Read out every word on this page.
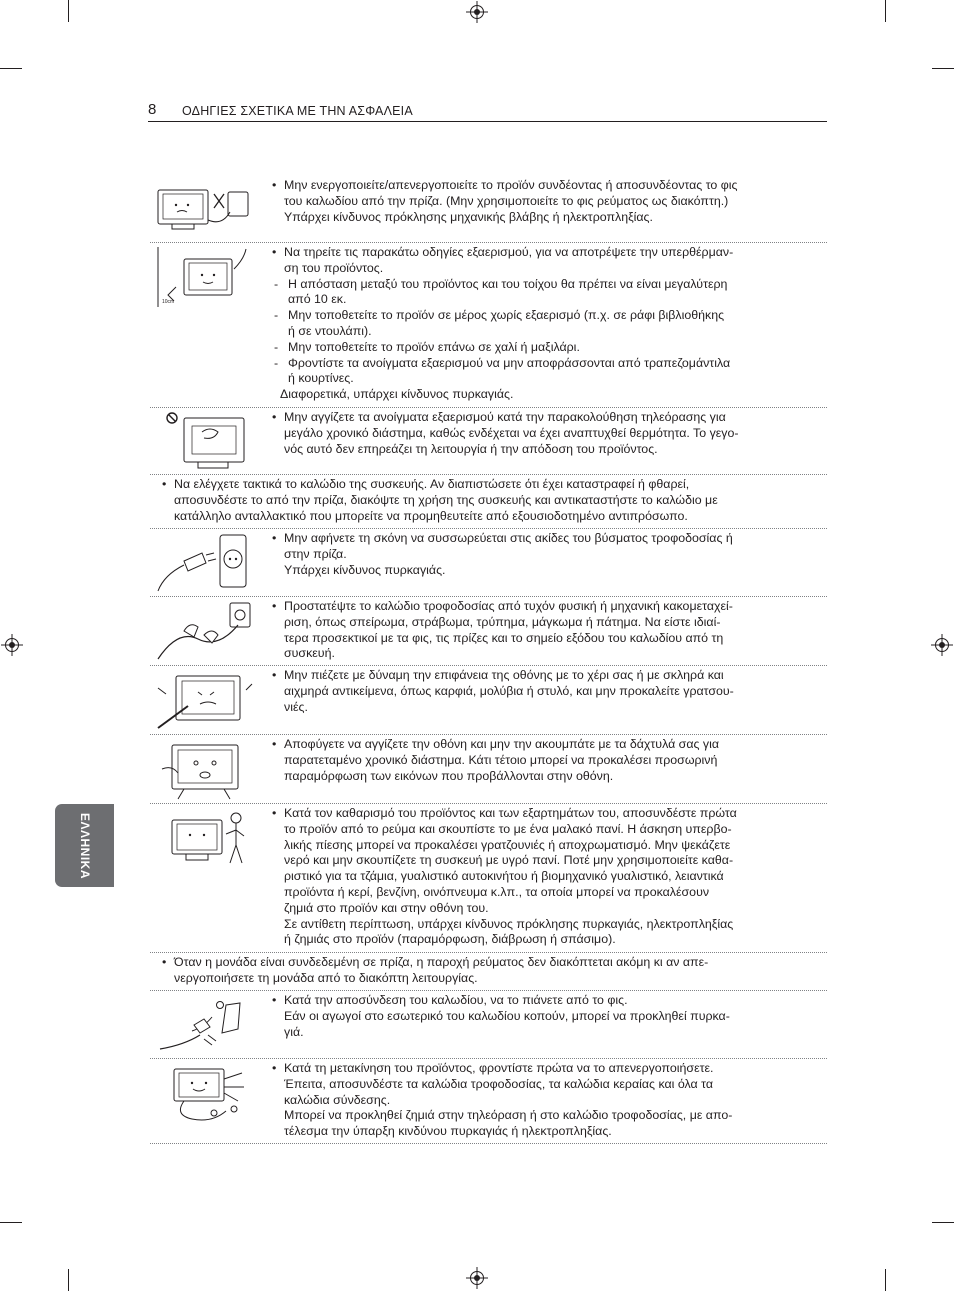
8 ΟΔΗΓΙΕΣ ΣΧΕΤΙΚΑ ΜΕ ΤΗΝ ΑΣΦΑΛΕΙΑ
ΕΛΛΗΝΙΚΑ
• Μην ενεργοποιείτε/απενεργοποιείτε το προϊόν συνδέοντας ή αποσυνδέοντας το φις
του καλωδίου από την πρίζα. (Μην χρησιμοποιείτε το φις ρεύματος ως διακόπτη.)
Υπάρχει κίνδυνος πρόκλησης μηχανικής βλάβης ή ηλεκτροπληξίας.
10cm
• Να τηρείτε τις παρακάτω οδηγίες εξαερισμού, για να αποτρέψετε την υπερθέρμαν-
ση του προϊόντος.
- Η απόσταση μεταξύ του προϊόντος και του τοίχου θα πρέπει να είναι μεγαλύτερη
από 10 εκ.
- Μην τοποθετείτε το προϊόν σε μέρος χωρίς εξαερισμό (π.χ. σε ράφι βιβλιοθήκης
ή σε ντουλάπι).
- Μην τοποθετείτε το προϊόν επάνω σε χαλί ή μαξιλάρι.
- Φροντίστε τα ανοίγματα εξαερισμού να μην αποφράσσονται από τραπεζομάντιλα
ή κουρτίνες.
Διαφορετικά, υπάρχει κίνδυνος πυρκαγιάς.
• Μην αγγίζετε τα ανοίγματα εξαερισμού κατά την παρακολούθηση τηλεόρασης για
μεγάλο χρονικό διάστημα, καθώς ενδέχεται να έχει αναπτυχθεί θερμότητα. Το γεγο-
νός αυτό δεν επηρεάζει τη λειτουργία ή την απόδοση του προϊόντος.
• Να ελέγχετε τακτικά το καλώδιο της συσκευής. Αν διαπιστώσετε ότι έχει καταστραφεί ή φθαρεί,
αποσυνδέστε το από την πρίζα, διακόψτε τη χρήση της συσκευής και αντικαταστήστε το καλώδιο με
κατάλληλο ανταλλακτικό που μπορείτε να προμηθευτείτε από εξουσιοδοτημένο αντιπρόσωπο.
• Μην αφήνετε τη σκόνη να συσσωρεύεται στις ακίδες του βύσματος τροφοδοσίας ή
στην πρίζα.
Υπάρχει κίνδυνος πυρκαγιάς.
• Προστατέψτε το καλώδιο τροφοδοσίας από τυχόν φυσική ή μηχανική κακομεταχεί-
ριση, όπως σπείρωμα, στράβωμα, τρύπημα, μάγκωμα ή πάτημα. Να είστε ιδιαί-
τερα προσεκτικοί με τα φις, τις πρίζες και το σημείο εξόδου του καλωδίου από τη
συσκευή.
• Μην πιέζετε με δύναμη την επιφάνεια της οθόνης με το χέρι σας ή με σκληρά και
αιχμηρά αντικείμενα, όπως καρφιά, μολύβια ή στυλό, και μην προκαλείτε γρατσου-
νιές.
• Αποφύγετε να αγγίζετε την οθόνη και μην την ακουμπάτε με τα δάχτυλά σας για
παρατεταμένο χρονικό διάστημα. Κάτι τέτοιο μπορεί να προκαλέσει προσωρινή
παραμόρφωση των εικόνων που προβάλλονται στην οθόνη.
• Κατά τον καθαρισμό του προϊόντος και των εξαρτημάτων του, αποσυνδέστε πρώτα
το προϊόν από το ρεύμα και σκουπίστε το με ένα μαλακό πανί. Η άσκηση υπερβο-
λικής πίεσης μπορεί να προκαλέσει γρατζουνιές ή αποχρωματισμό. Μην ψεκάζετε
νερό και μην σκουπίζετε τη συσκευή με υγρό πανί. Ποτέ μην χρησιμοποιείτε καθα-
ριστικό για τα τζάμια, γυαλιστικό αυτοκινήτου ή βιομηχανικό γυαλιστικό, λειαντικά
προϊόντα ή κερί, βενζίνη, οινόπνευμα κ.λπ., τα οποία μπορεί να προκαλέσουν
ζημιά στο προϊόν και στην οθόνη του.
Σε αντίθετη περίπτωση, υπάρχει κίνδυνος πρόκλησης πυρκαγιάς, ηλεκτροπληξίας
ή ζημιάς στο προϊόν (παραμόρφωση, διάβρωση ή σπάσιμο).
• Όταν η μονάδα είναι συνδεδεμένη σε πρίζα, η παροχή ρεύματος δεν διακόπτεται ακόμη κι αν απε-
νεργοποιήσετε τη μονάδα από το διακόπτη λειτουργίας.
• Κατά την αποσύνδεση του καλωδίου, να το πιάνετε από το φις.
Εάν οι αγωγοί στο εσωτερικό του καλωδίου κοπούν, μπορεί να προκληθεί πυρκα-
γιά.
• Κατά τη μετακίνηση του προϊόντος, φροντίστε πρώτα να το απενεργοποιήσετε.
Έπειτα, αποσυνδέστε τα καλώδια τροφοδοσίας, τα καλώδια κεραίας και όλα τα
καλώδια σύνδεσης.
Μπορεί να προκληθεί ζημιά στην τηλεόραση ή στο καλώδιο τροφοδοσίας, με απο-
τέλεσμα την ύπαρξη κινδύνου πυρκαγιάς ή ηλεκτροπληξίας.
